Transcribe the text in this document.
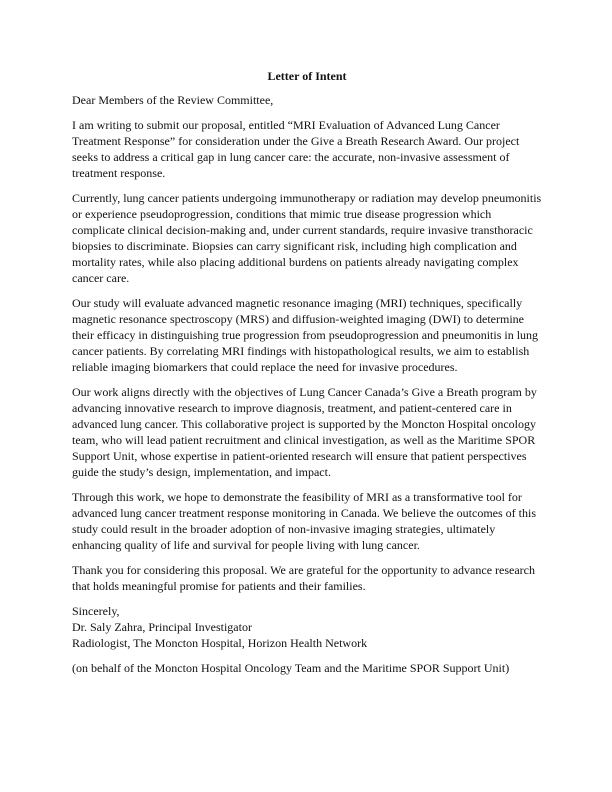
Letter of Intent

Dear Members of the Review Committee,

I am writing to submit our proposal, entitled “MRI Evaluation of Advanced Lung Cancer Treatment Response” for consideration under the Give a Breath Research Award. Our project seeks to address a critical gap in lung cancer care: the accurate, non-invasive assessment of treatment response.

Currently, lung cancer patients undergoing immunotherapy or radiation may develop pneumonitis or experience pseudoprogression, conditions that mimic true disease progression which complicate clinical decision-making and, under current standards, require invasive transthoracic biopsies to discriminate. Biopsies can carry significant risk, including high complication and mortality rates, while also placing additional burdens on patients already navigating complex cancer care.

Our study will evaluate advanced magnetic resonance imaging (MRI) techniques, specifically magnetic resonance spectroscopy (MRS) and diffusion-weighted imaging (DWI) to determine their efficacy in distinguishing true progression from pseudoprogression and pneumonitis in lung cancer patients. By correlating MRI findings with histopathological results, we aim to establish reliable imaging biomarkers that could replace the need for invasive procedures.

Our work aligns directly with the objectives of Lung Cancer Canada’s Give a Breath program by advancing innovative research to improve diagnosis, treatment, and patient-centered care in advanced lung cancer. This collaborative project is supported by the Moncton Hospital oncology team, who will lead patient recruitment and clinical investigation, as well as the Maritime SPOR Support Unit, whose expertise in patient-oriented research will ensure that patient perspectives guide the study’s design, implementation, and impact.

Through this work, we hope to demonstrate the feasibility of MRI as a transformative tool for advanced lung cancer treatment response monitoring in Canada. We believe the outcomes of this study could result in the broader adoption of non-invasive imaging strategies, ultimately enhancing quality of life and survival for people living with lung cancer.

Thank you for considering this proposal. We are grateful for the opportunity to advance research that holds meaningful promise for patients and their families.

Sincerely,
Dr. Saly Zahra, Principal Investigator
Radiologist, The Moncton Hospital, Horizon Health Network

(on behalf of the Moncton Hospital Oncology Team and the Maritime SPOR Support Unit)
